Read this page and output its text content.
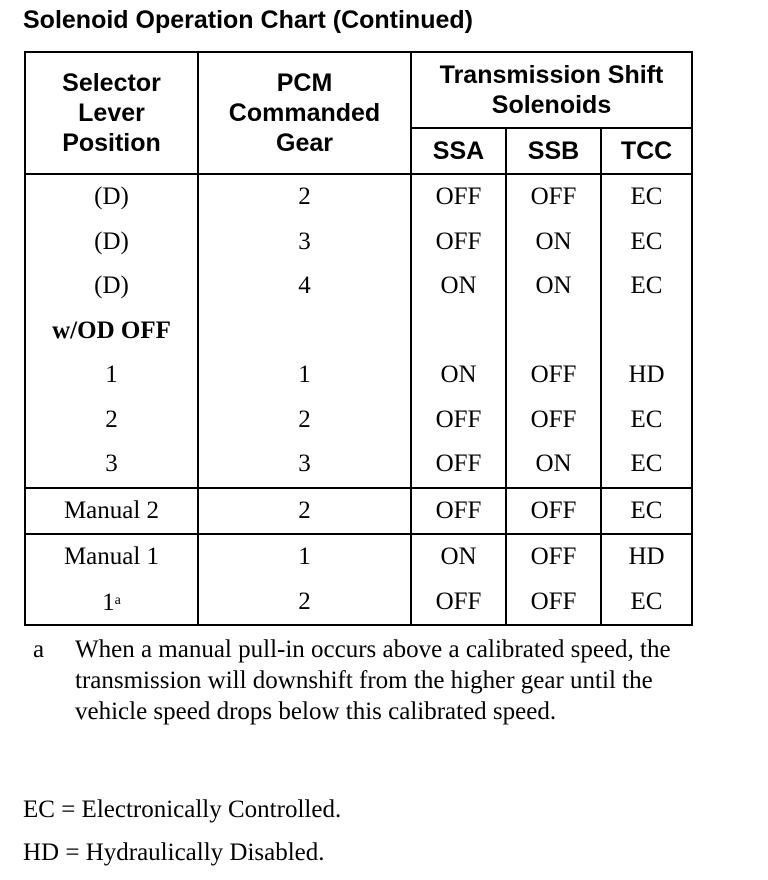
Solenoid Operation Chart (Continued)
Selector
Lever
Position	PCM
Commanded
Gear	Transmission Shift
Solenoids		
		SSA	SSB	TCC
(D)	2	OFF	OFF	EC
(D)	3	OFF	ON	EC
(D)	4	ON	ON	EC
w/OD OFF				
1	1	ON	OFF	HD
2	2	OFF	OFF	EC
3	3	OFF	ON	EC
Manual 2	2	OFF	OFF	EC
Manual 1	1	ON	OFF	HD
1$^a$	2	OFF	OFF	EC
a When a manual pull-in occurs above a calibrated speed, the transmission will downshift from the higher gear until the vehicle speed drops below this calibrated speed.
EC = Electronically Controlled.
HD = Hydraulically Disabled.
